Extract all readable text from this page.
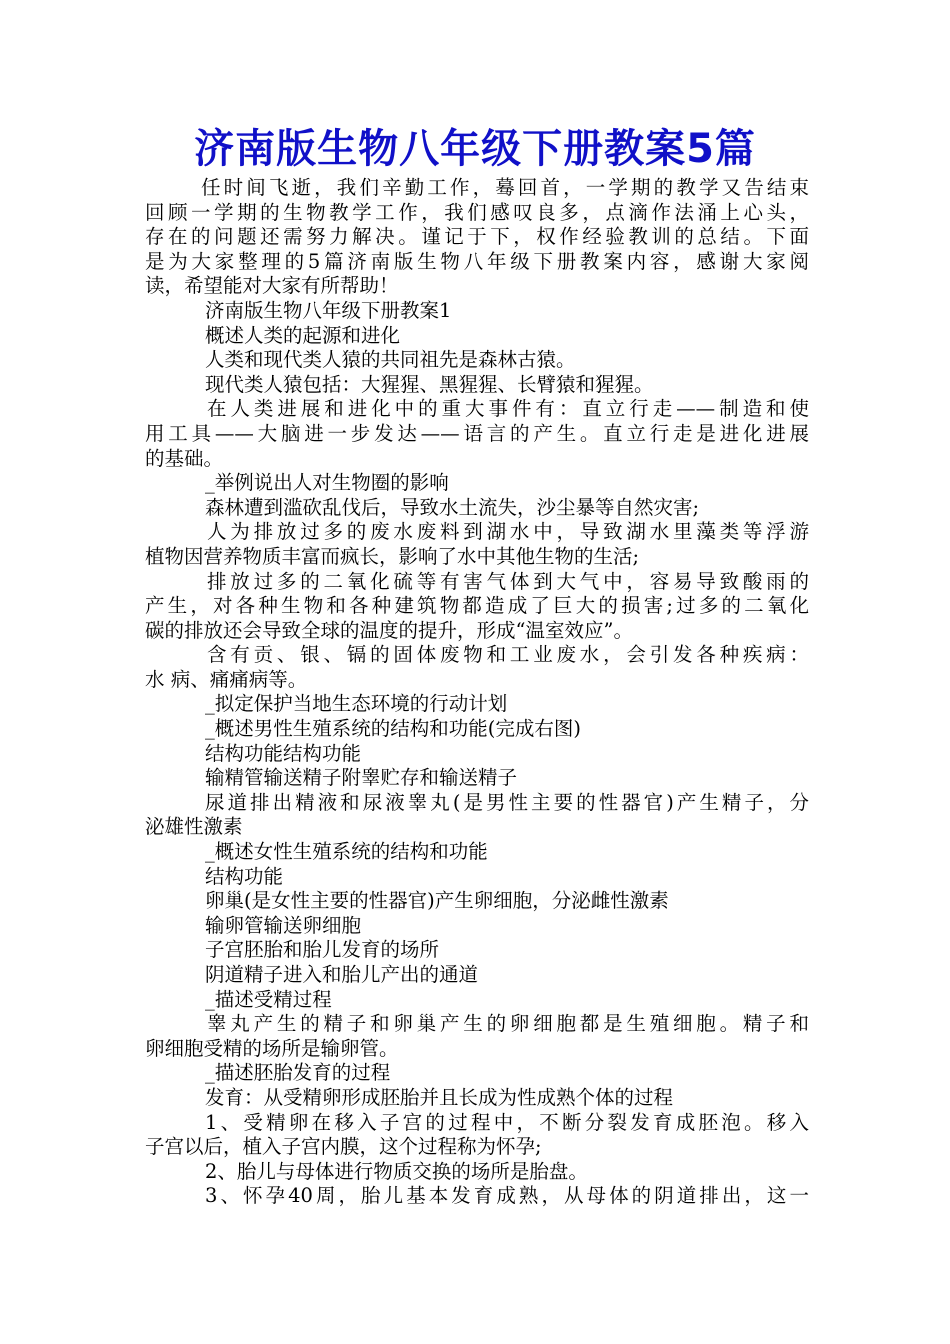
济南版生物八年级下册教案5篇

任时间飞逝，我们辛勤工作，蓦回首，一学期的教学又告结束

回顾一学期的生物教学工作，我们感叹良多，点滴作法涌上心头，

存在的问题还需努力解决。谨记于下，权作经验教训的总结。下面

是为大家整理的5篇济南版生物八年级下册教案内容，感谢大家阅

读，希望能对大家有所帮助！

济南版生物八年级下册教案1

概述人类的起源和进化

人类和现代类人猿的共同祖先是森林古猿。

现代类人猿包括：大猩猩、黑猩猩、长臂猿和猩猩。

在人类进展和进化中的重大事件有：直立行走——制造和使

用工具——大脑进一步发达——语言的产生。直立行走是进化进展

的基础。

_举例说出人对生物圈的影响

森林遭到滥砍乱伐后，导致水土流失，沙尘暴等自然灾害;

人为排放过多的废水废料到湖水中，导致湖水里藻类等浮游

植物因营养物质丰富而疯长，影响了水中其他生物的生活;

排放过多的二氧化硫等有害气体到大气中，容易导致酸雨的

产生，对各种生物和各种建筑物都造成了巨大的损害;过多的二氧化

碳的排放还会导致全球的温度的提升，形成“温室效应”。

含有贡、银、镉的固体废物和工业废水，会引发各种疾病：

水 病、痛痛病等。

_拟定保护当地生态环境的行动计划

_概述男性生殖系统的结构和功能(完成右图)

结构功能结构功能

输精管输送精子附睾贮存和输送精子

尿道排出精液和尿液睾丸(是男性主要的性器官)产生精子，分

泌雄性激素

_概述女性生殖系统的结构和功能

结构功能

卵巢(是女性主要的性器官)产生卵细胞，分泌雌性激素

输卵管输送卵细胞

子宫胚胎和胎儿发育的场所

阴道精子进入和胎儿产出的通道

_描述受精过程

睾丸产生的精子和卵巢产生的卵细胞都是生殖细胞。精子和

卵细胞受精的场所是输卵管。

_描述胚胎发育的过程

发育：从受精卵形成胚胎并且长成为性成熟个体的过程

1、受精卵在移入子宫的过程中，不断分裂发育成胚泡。移入

子宫以后，植入子宫内膜，这个过程称为怀孕;

2、胎儿与母体进行物质交换的场所是胎盘。

3、怀孕40周，胎儿基本发育成熟，从母体的阴道排出，这一
